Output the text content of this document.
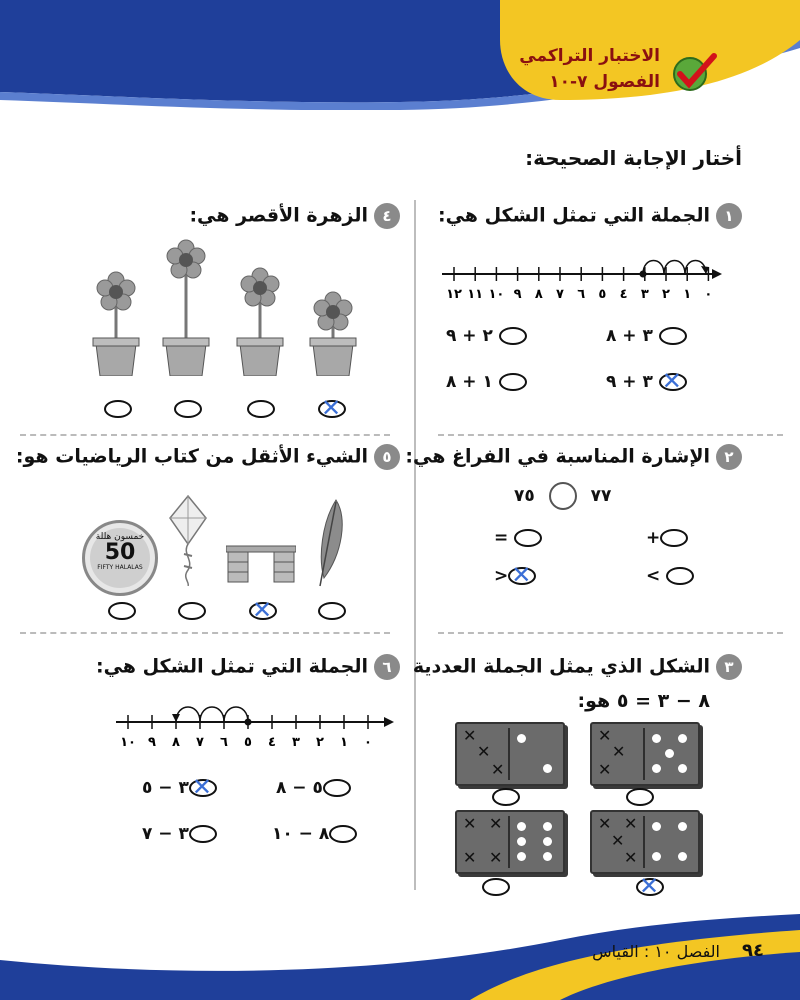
الاختبار التراكمي
الفصول ٧-١٠
أختار الإجابة الصحيحة:
١الجملة التي تمثل الشكل هي:
١٢ ١١ ١٠ ٩ ٨ ٧ ٦ ٥ ٤ ٣ ٢ ١ ٠
٣ + ٨
٢ + ٩
٣ + ٩ ✕
١ + ٨
٢الإشارة المناسبة في الفراغ هي:
٧٧  ٧٥
+
=
<
>✕
٣الشكل الذي يمثل الجملة العددية
٨ − ٣ = ٥ هو:
✕
✕
✕
✕
✕
✕
✕ ✕
✕ ✕
✕ ✕
✕
✕
✕
٤الزهرة الأقصر هي:
✕
٥الشيء الأثقل من كتاب الرياضيات هو:
خمسون هللة
50
FIFTY HALALAS
✕
٦الجملة التي تمثل الشكل هي:
١٠ ٩ ٨ ٧ ٦ ٥ ٤ ٣ ٢ ١ ٠
٥ − ٨
٣ − ٥✕
٨ − ١٠
٣ − ٧
٩٤
الفصل ١٠ : القياس
